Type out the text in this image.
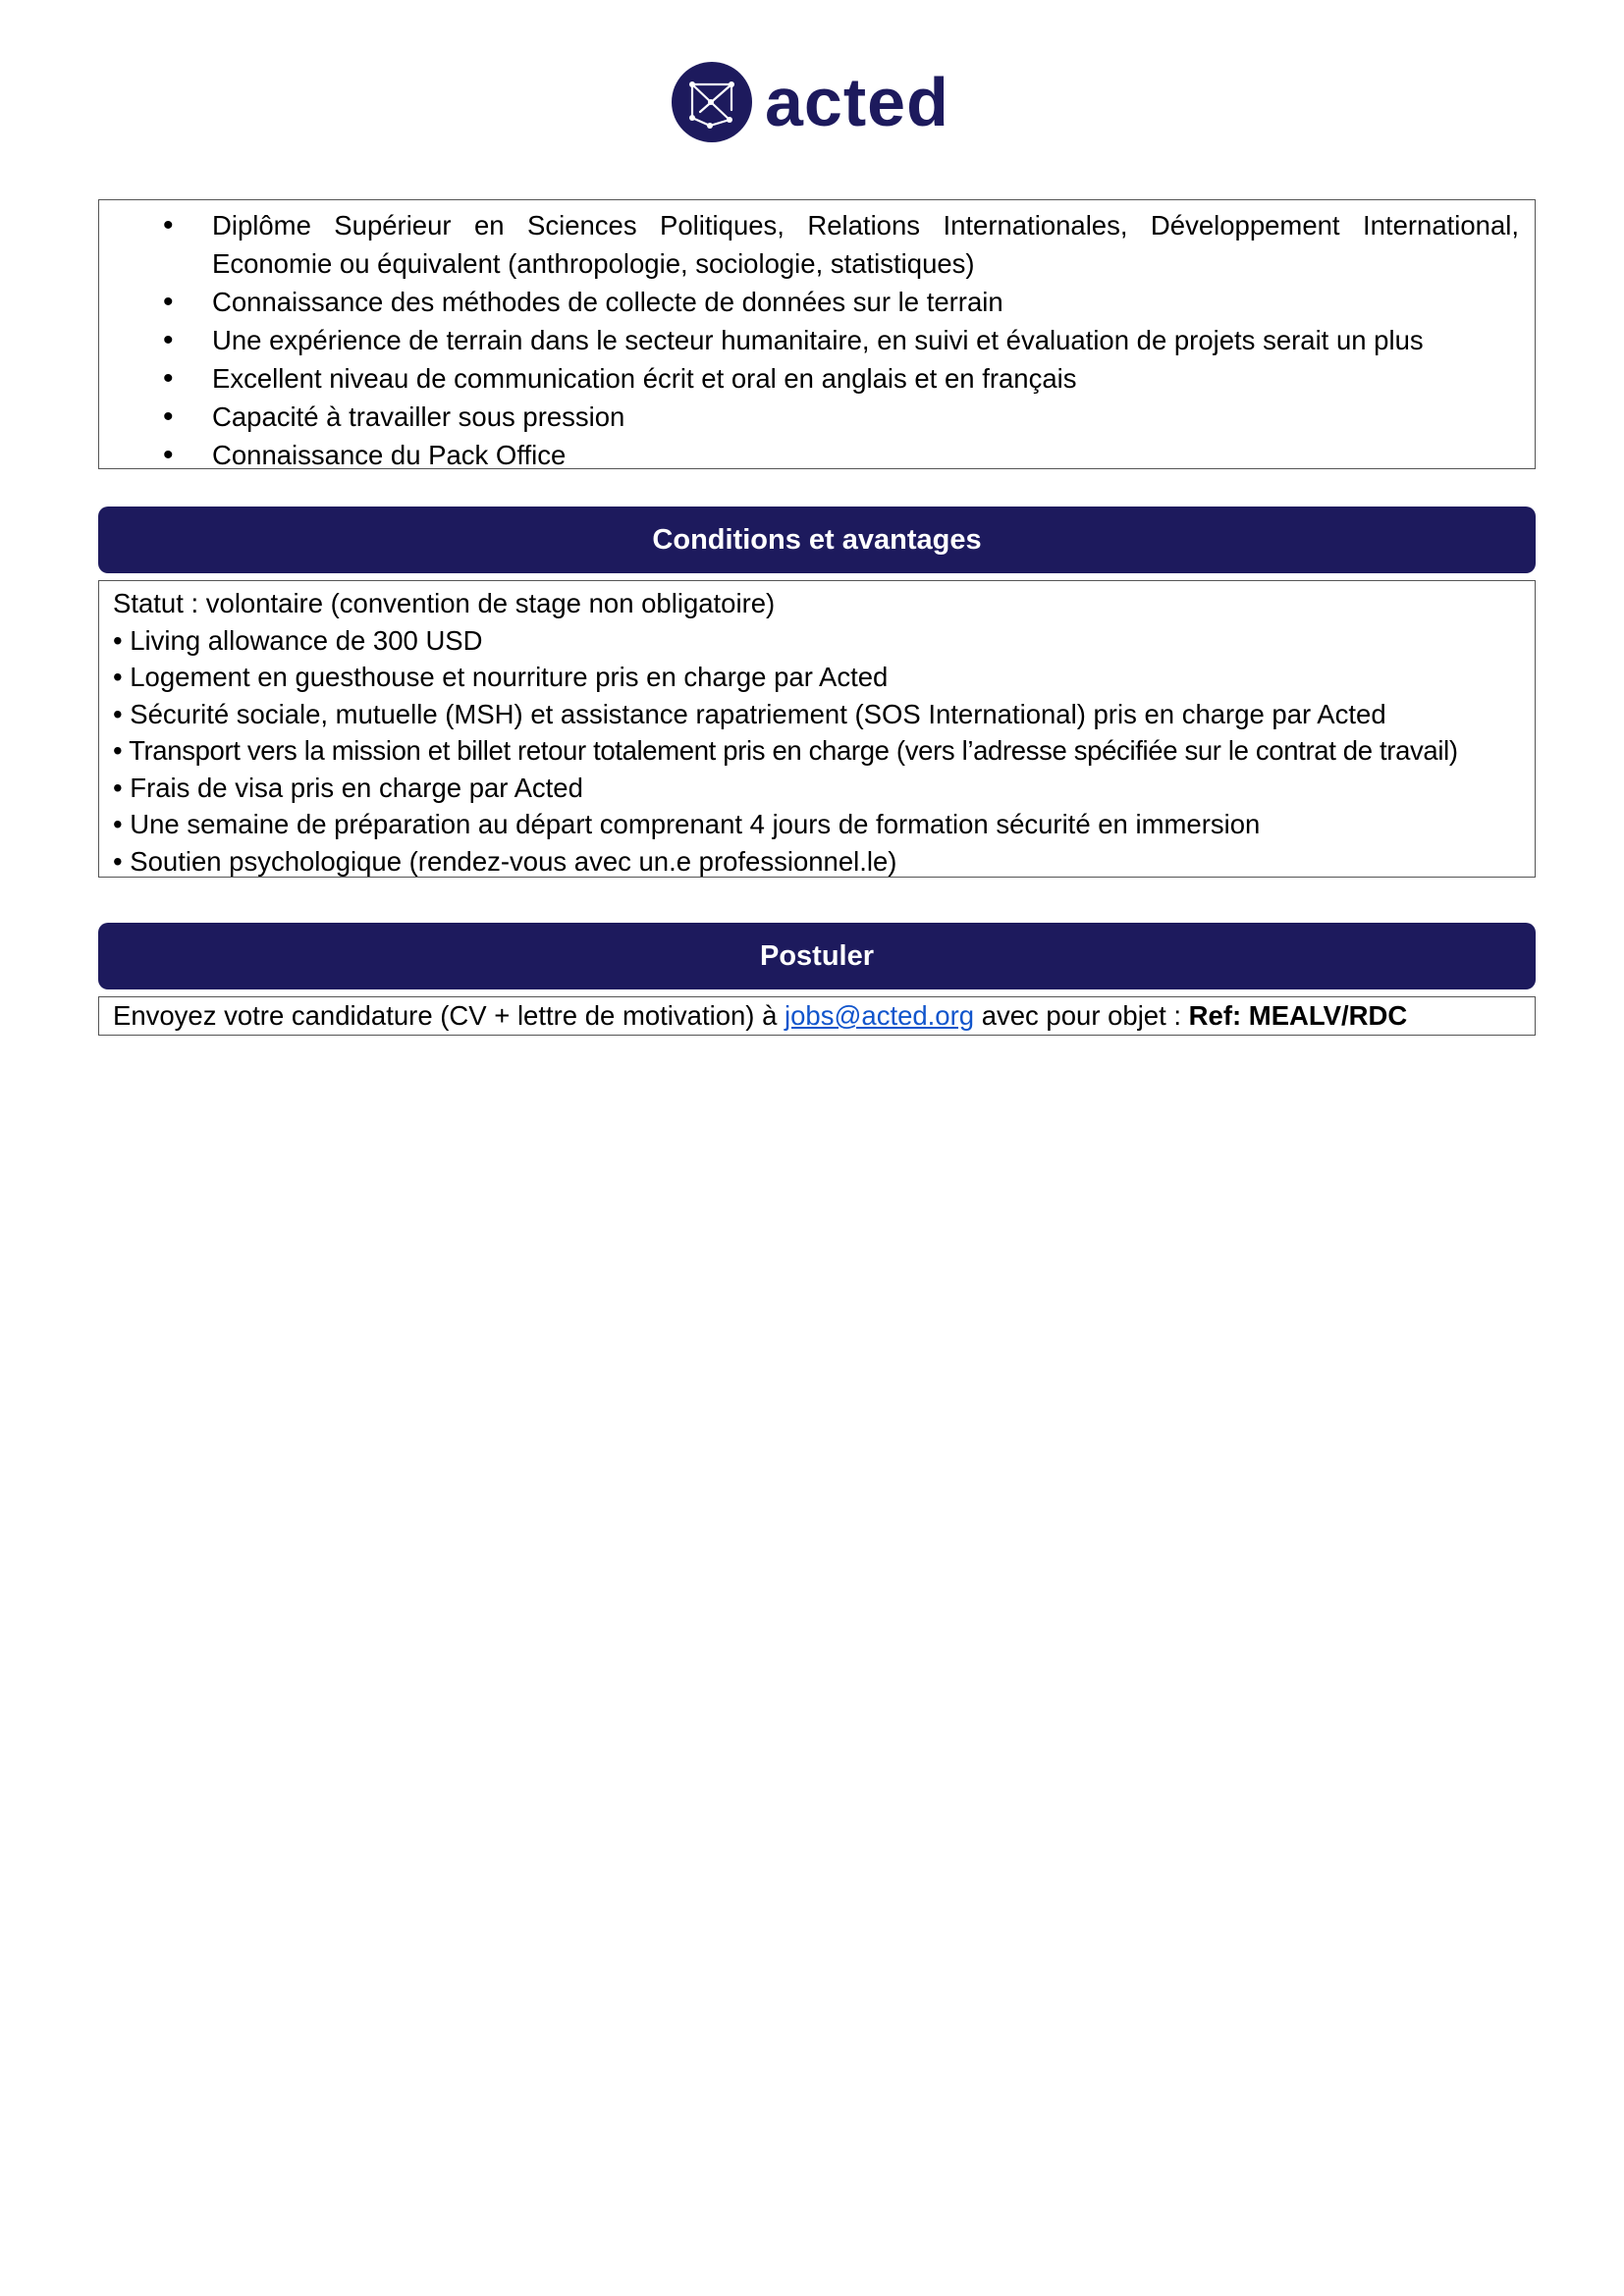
acted
• Diplôme Supérieur en Sciences Politiques, Relations Internationales, Développement International, Economie ou équivalent (anthropologie, sociologie, statistiques)
• Connaissance des méthodes de collecte de données sur le terrain
• Une expérience de terrain dans le secteur humanitaire, en suivi et évaluation de projets serait un plus
• Excellent niveau de communication écrit et oral en anglais et en français
• Capacité à travailler sous pression
• Connaissance du Pack Office
Conditions et avantages
Statut : volontaire (convention de stage non obligatoire)
• Living allowance de 300 USD
• Logement en guesthouse et nourriture pris en charge par Acted
• Sécurité sociale, mutuelle (MSH) et assistance rapatriement (SOS International) pris en charge par Acted
• Transport vers la mission et billet retour totalement pris en charge (vers l’adresse spécifiée sur le contrat de travail)
• Frais de visa pris en charge par Acted
• Une semaine de préparation au départ comprenant 4 jours de formation sécurité en immersion
• Soutien psychologique (rendez-vous avec un.e professionnel.le)
Postuler
Envoyez votre candidature (CV + lettre de motivation) à jobs@acted.org avec pour objet : Ref: MEALV/RDC
